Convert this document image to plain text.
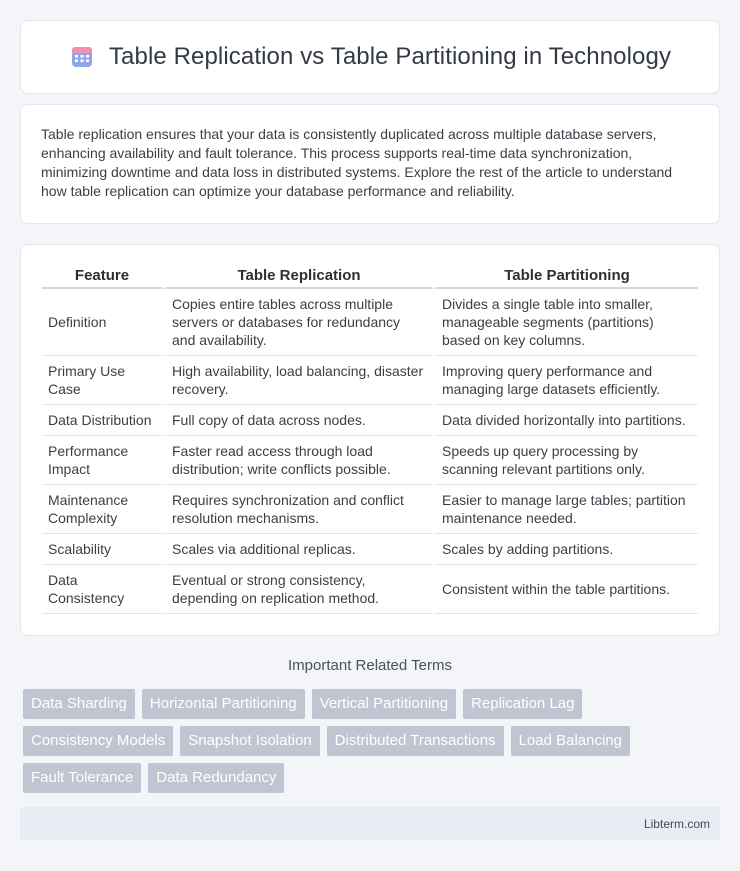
Table Replication vs Table Partitioning in Technology

Table replication ensures that your data is consistently duplicated across multiple database servers, enhancing availability and fault tolerance. This process supports real-time data synchronization, minimizing downtime and data loss in distributed systems. Explore the rest of the article to understand how table replication can optimize your database performance and reliability.

Feature	Table Replication	Table Partitioning
Definition	Copies entire tables across multiple servers or databases for redundancy and availability.	Divides a single table into smaller, manageable segments (partitions) based on key columns.
Primary Use Case	High availability, load balancing, disaster recovery.	Improving query performance and managing large datasets efficiently.
Data Distribution	Full copy of data across nodes.	Data divided horizontally into partitions.
Performance Impact	Faster read access through load distribution; write conflicts possible.	Speeds up query processing by scanning relevant partitions only.
Maintenance Complexity	Requires synchronization and conflict resolution mechanisms.	Easier to manage large tables; partition maintenance needed.
Scalability	Scales via additional replicas.	Scales by adding partitions.
Data Consistency	Eventual or strong consistency, depending on replication method.	Consistent within the table partitions.
Important Related Terms
Data Sharding	Horizontal Partitioning	Vertical Partitioning	Replication Lag
Consistency Models	Snapshot Isolation	Distributed Transactions	Load Balancing
Fault Tolerance	Data Redundancy
Libterm.com
